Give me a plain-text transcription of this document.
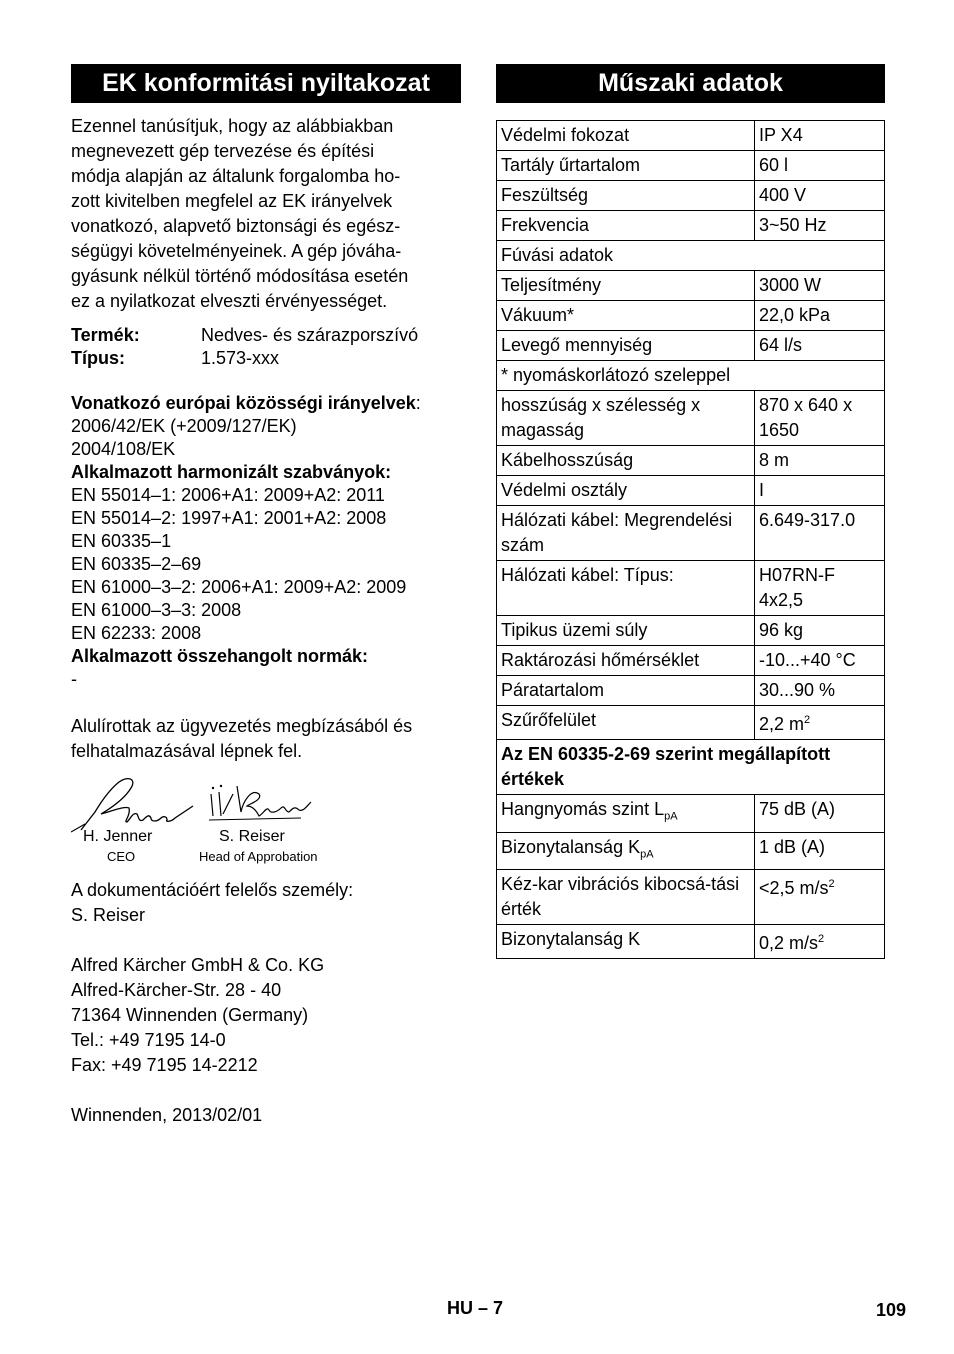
EK konformitási nyiltakozat
Ezennel tanúsítjuk, hogy az alábbiakban
megnevezett gép tervezése és építési
módja alapján az általunk forgalomba ho-
zott kivitelben megfelel az EK irányelvek
vonatkozó, alapvető biztonsági és egész-
ségügyi követelményeinek. A gép jóváha-
gyásunk nélkül történő módosítása esetén
ez a nyilatkozat elveszti érvényességet.
Termék:	Nedves- és szárazporszívó
Típus:	1.573-xxx
Vonatkozó európai közösségi irányelvek:
2006/42/EK (+2009/127/EK)
2004/108/EK
Alkalmazott harmonizált szabványok:
EN 55014–1: 2006+A1: 2009+A2: 2011
EN 55014–2: 1997+A1: 2001+A2: 2008
EN 60335–1
EN 60335–2–69
EN 61000–3–2: 2006+A1: 2009+A2: 2009
EN 61000–3–3: 2008
EN 62233: 2008
Alkalmazott összehangolt normák:
-
Alulírottak az ügyvezetés megbízásából és
felhatalmazásával lépnek fel.
H. Jenner
CEO
S. Reiser
Head of Approbation
A dokumentációért felelős személy:
S. Reiser
Alfred Kärcher GmbH & Co. KG
Alfred-Kärcher-Str. 28 - 40
71364 Winnenden (Germany)
Tel.: +49 7195 14-0
Fax: +49 7195 14-2212
Winnenden, 2013/02/01
Műszaki adatok
Védelmi fokozat	IP X4
Tartály űrtartalom	60 l
Feszültség	400 V
Frekvencia	3~50 Hz
Fúvási adatok	
Teljesítmény	3000 W
Vákuum*	22,0 kPa
Levegő mennyiség	64 l/s
* nyomáskorlátozó szeleppel	
hosszúság x szélesség x magasság	870 x 640 x 1650
Kábelhosszúság	8 m
Védelmi osztály	I
Hálózati kábel: Megrendelési szám	6.649-317.0
Hálózati kábel: Típus:	H07RN-F 4x2,5
Tipikus üzemi súly	96 kg
Raktározási hőmérséklet	-10...+40 °C
Páratartalom	30...90 %
Szűrőfelület	2,2 $m^2$
Az EN 60335-2-69 szerint megállapított értékek	
Hangnyomás szint $L_{pA}$	75 dB (A)
Bizonytalanság $K_{pA}$	1 dB (A)
Kéz-kar vibrációs kibocsá-tási érték	<2,5 $m/s^2$
Bizonytalanság K	0,2 $m/s^2$
HU – 7	109
